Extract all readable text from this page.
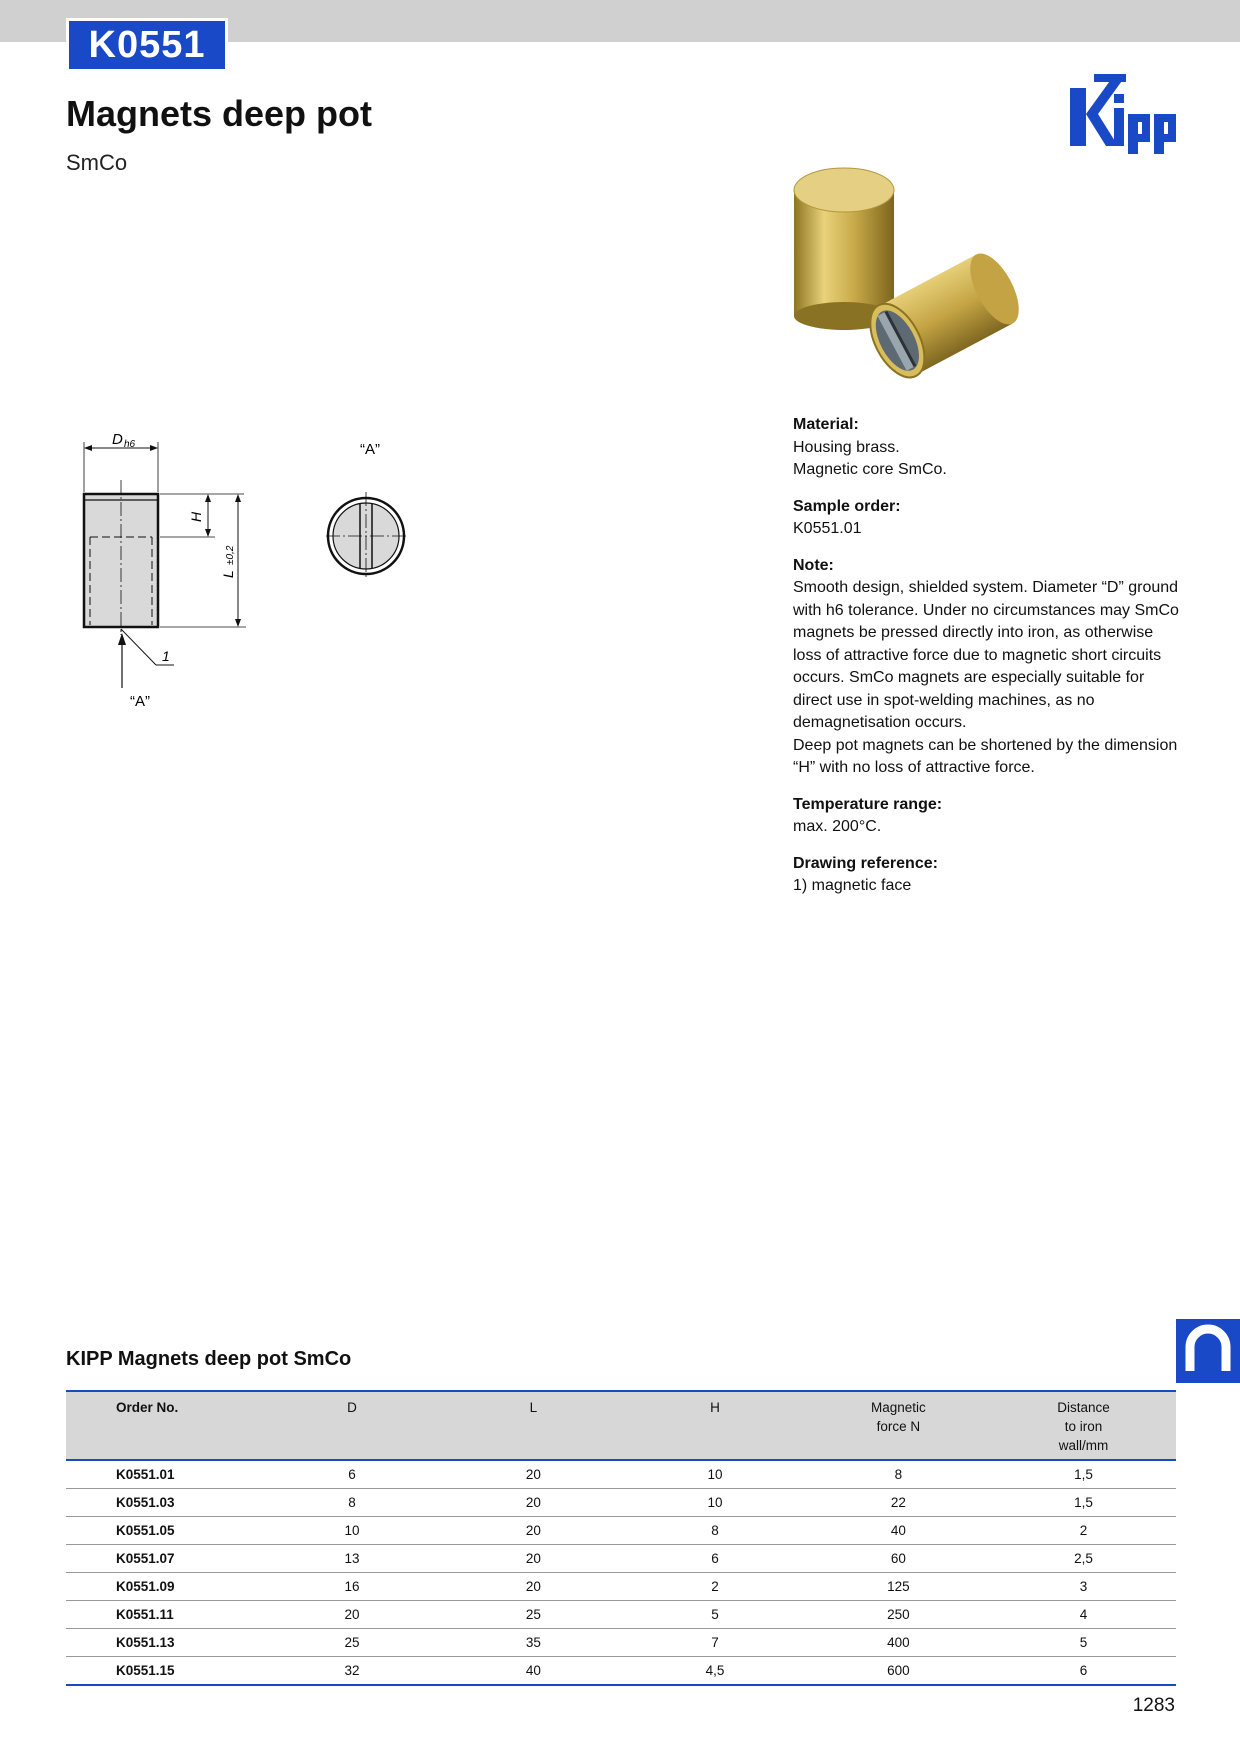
K0551
Magnets deep pot
SmCo
D h6
H
L
±0,2
1
“A”
“A”
Material:
Housing brass.
Magnetic core SmCo.
Sample order:
K0551.01
Note:
Smooth design, shielded system. Diameter “D” ground with h6 tolerance. Under no circumstances may SmCo magnets be pressed directly into iron, as otherwise loss of attractive force due to magnetic short circuits occurs. SmCo magnets are especially suitable for direct use in spot-welding machines, as no demagnetisation occurs.
Deep pot magnets can be shortened by the dimension “H” with no loss of attractive force.
Temperature range:
max. 200°C.
Drawing reference:
1) magnetic face
KIPP Magnets deep pot SmCo
Order No.	D	L	H	Magnetic
force N	Distance
to iron
wall/mm
K0551.01	6	20	10	8	1,5
K0551.03	8	20	10	22	1,5
K0551.05	10	20	8	40	2
K0551.07	13	20	6	60	2,5
K0551.09	16	20	2	125	3
K0551.11	20	25	5	250	4
K0551.13	25	35	7	400	5
K0551.15	32	40	4,5	600	6
1283
